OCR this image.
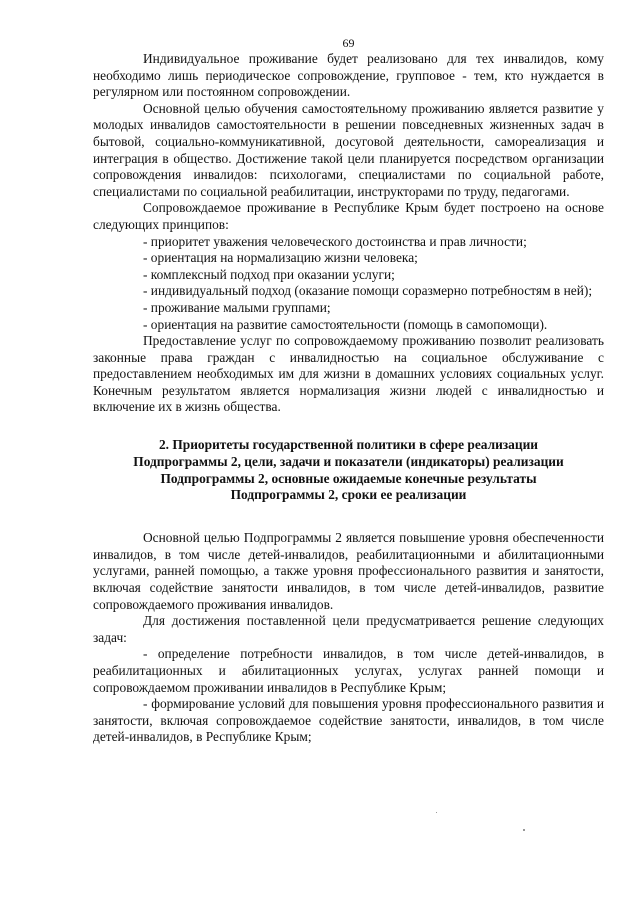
69

Индивидуальное проживание будет реализовано для тех инвалидов, кому необходимо лишь периодическое сопровождение, групповое - тем, кто нуждается в регулярном или постоянном сопровождении.

Основной целью обучения самостоятельному проживанию является развитие у молодых инвалидов самостоятельности в решении повседневных жизненных задач в бытовой, социально-коммуникативной, досуговой деятельности, самореализация и интеграция в общество. Достижение такой цели планируется посредством организации сопровождения инвалидов: психологами, специалистами по социальной работе, специалистами по социальной реабилитации, инструкторами по труду, педагогами.

Сопровождаемое проживание в Республике Крым будет построено на основе следующих принципов:

- приоритет уважения человеческого достоинства и прав личности;

- ориентация на нормализацию жизни человека;

- комплексный подход при оказании услуги;

- индивидуальный подход (оказание помощи соразмерно потребностям в ней);

- проживание малыми группами;

- ориентация на развитие самостоятельности (помощь в самопомощи).

Предоставление услуг по сопровождаемому проживанию позволит реализовать законные права граждан с инвалидностью на социальное обслуживание с предоставлением необходимых им для жизни в домашних условиях социальных услуг. Конечным результатом является нормализация жизни людей с инвалидностью и включение их в жизнь общества.

2. Приоритеты государственной политики в сфере реализации
Подпрограммы 2, цели, задачи и показатели (индикаторы) реализации
Подпрограммы 2, основные ожидаемые конечные результаты
Подпрограммы 2, сроки ее реализации

Основной целью Подпрограммы 2 является повышение уровня обеспеченности инвалидов, в том числе детей-инвалидов, реабилитационными и абилитационными услугами, ранней помощью, а также уровня профессионального развития и занятости, включая содействие занятости инвалидов, в том числе детей-инвалидов, развитие сопровождаемого проживания инвалидов.

Для достижения поставленной цели предусматривается решение следующих задач:

- определение потребности инвалидов, в том числе детей-инвалидов, в реабилитационных и абилитационных услугах, услугах ранней помощи и сопровождаемом проживании инвалидов в Республике Крым;

- формирование условий для повышения уровня профессионального развития и занятости, включая сопровождаемое содействие занятости, инвалидов, в том числе детей-инвалидов, в Республике Крым;
